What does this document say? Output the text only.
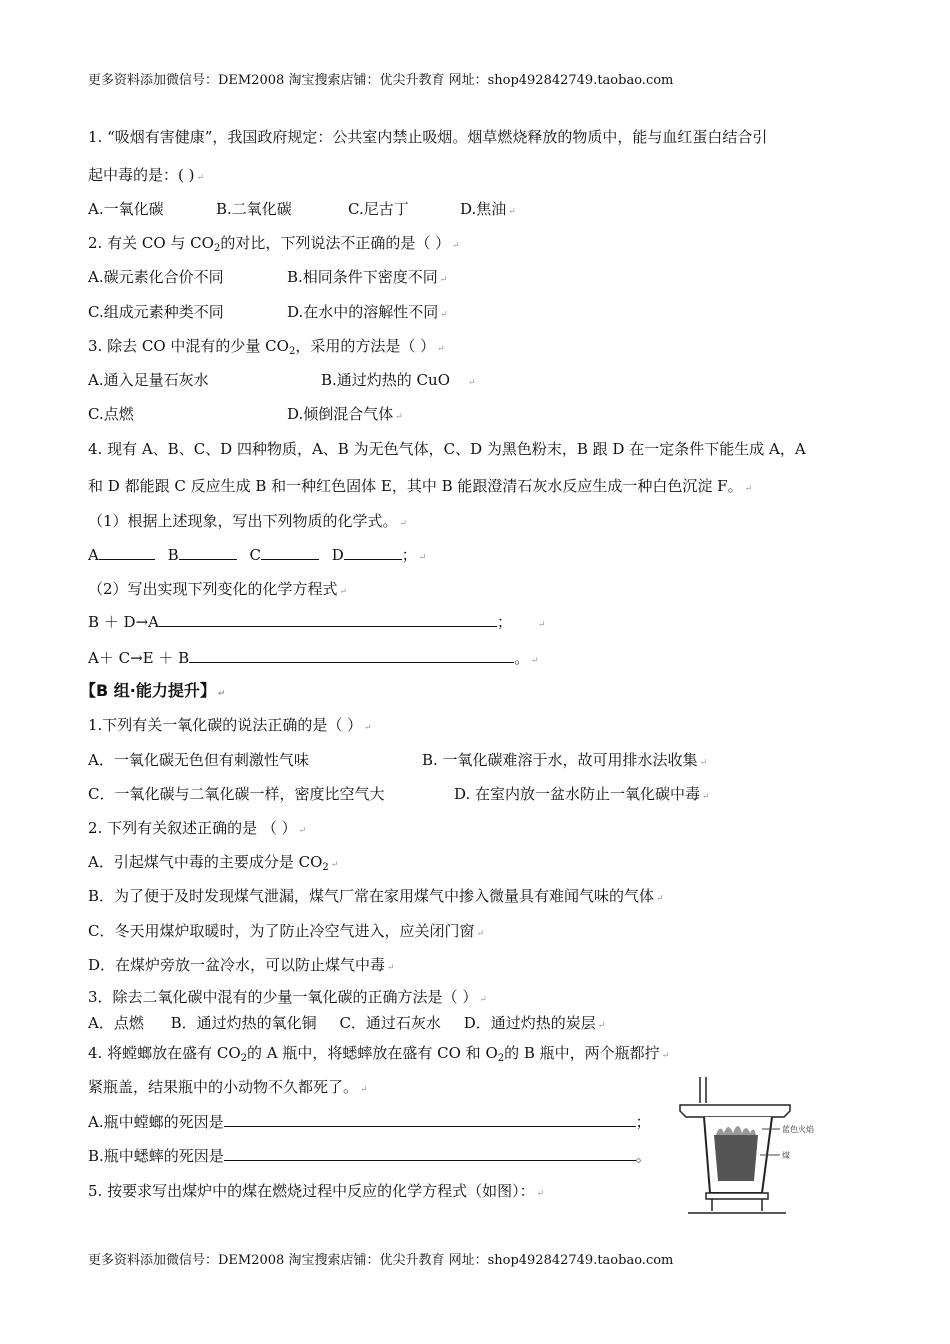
更多资料添加微信号：DEM2008 淘宝搜索店铺：优尖升教育 网址：shop492842749.taobao.com
1. “吸烟有害健康”，我国政府规定：公共室内禁止吸烟。烟草燃烧释放的物质中，能与血红蛋白结合引
起中毒的是：( ) ↵
A.一氧化碳	B.二氧化碳	C.尼古丁	D.焦油 ↵
2. 有关 CO 与 $CO_2$的对比，下列说法不正确的是（ ） ↵
A.碳元素化合价不同	B.相同条件下密度不同 ↵
C.组成元素种类不同	D.在水中的溶解性不同 ↵
3. 除去 CO 中混有的少量 $CO_2$，采用的方法是（ ） ↵
A.通入足量石灰水	B.通过灼热的 CuO ↵
C.点燃	D.倾倒混合气体 ↵
4. 现有 A、B、C、D 四种物质，A、B 为无色气体，C、D 为黑色粉末，B 跟 D 在一定条件下能生成 A，A
和 D 都能跟 C 反应生成 B 和一种红色固体 E，其中 B 能跟澄清石灰水反应生成一种白色沉淀 F。 ↵
（1）根据上述现象，写出下列物质的化学式。 ↵
A	B	C	D	； ↵
（2）写出实现下列变化的化学方程式 ↵
B ＋ D→A	；	↵
A＋ C→E ＋ B	。 ↵
【B 组·能力提升】 ↵
1.下列有关一氧化碳的说法正确的是（ ） ↵
A．一氧化碳无色但有刺激性气味	B. 一氧化碳难溶于水，故可用排水法收集 ↵
C．一氧化碳与二氧化碳一样，密度比空气大	D. 在室内放一盆水防止一氧化碳中毒 ↵
2. 下列有关叙述正确的是 （ ） ↵
A．引起煤气中毒的主要成分是 $CO_2$ ↵
B．为了便于及时发现煤气泄漏，煤气厂常在家用煤气中掺入微量具有难闻气味的气体 ↵
C．冬天用煤炉取暖时，为了防止冷空气进入，应关闭门窗 ↵
D．在煤炉旁放一盆冷水，可以防止煤气中毒 ↵
3．除去二氧化碳中混有的少量一氧化碳的正确方法是（ ） ↵
A．点燃 B．通过灼热的氧化铜 C．通过石灰水 D．通过灼热的炭层 ↵
4. 将螳螂放在盛有 $CO_2$的 A 瓶中，将蟋蟀放在盛有 CO 和 $O_2$的 B 瓶中，两个瓶都拧 ↵
紧瓶盖，结果瓶中的小动物不久都死了。 ↵
A.瓶中螳螂的死因是	；
B.瓶中蟋蟀的死因是	。
5. 按要求写出煤炉中的煤在燃烧过程中反应的化学方程式（如图）： ↵
蓝色火焰
煤
更多资料添加微信号：DEM2008 淘宝搜索店铺：优尖升教育 网址：shop492842749.taobao.com
